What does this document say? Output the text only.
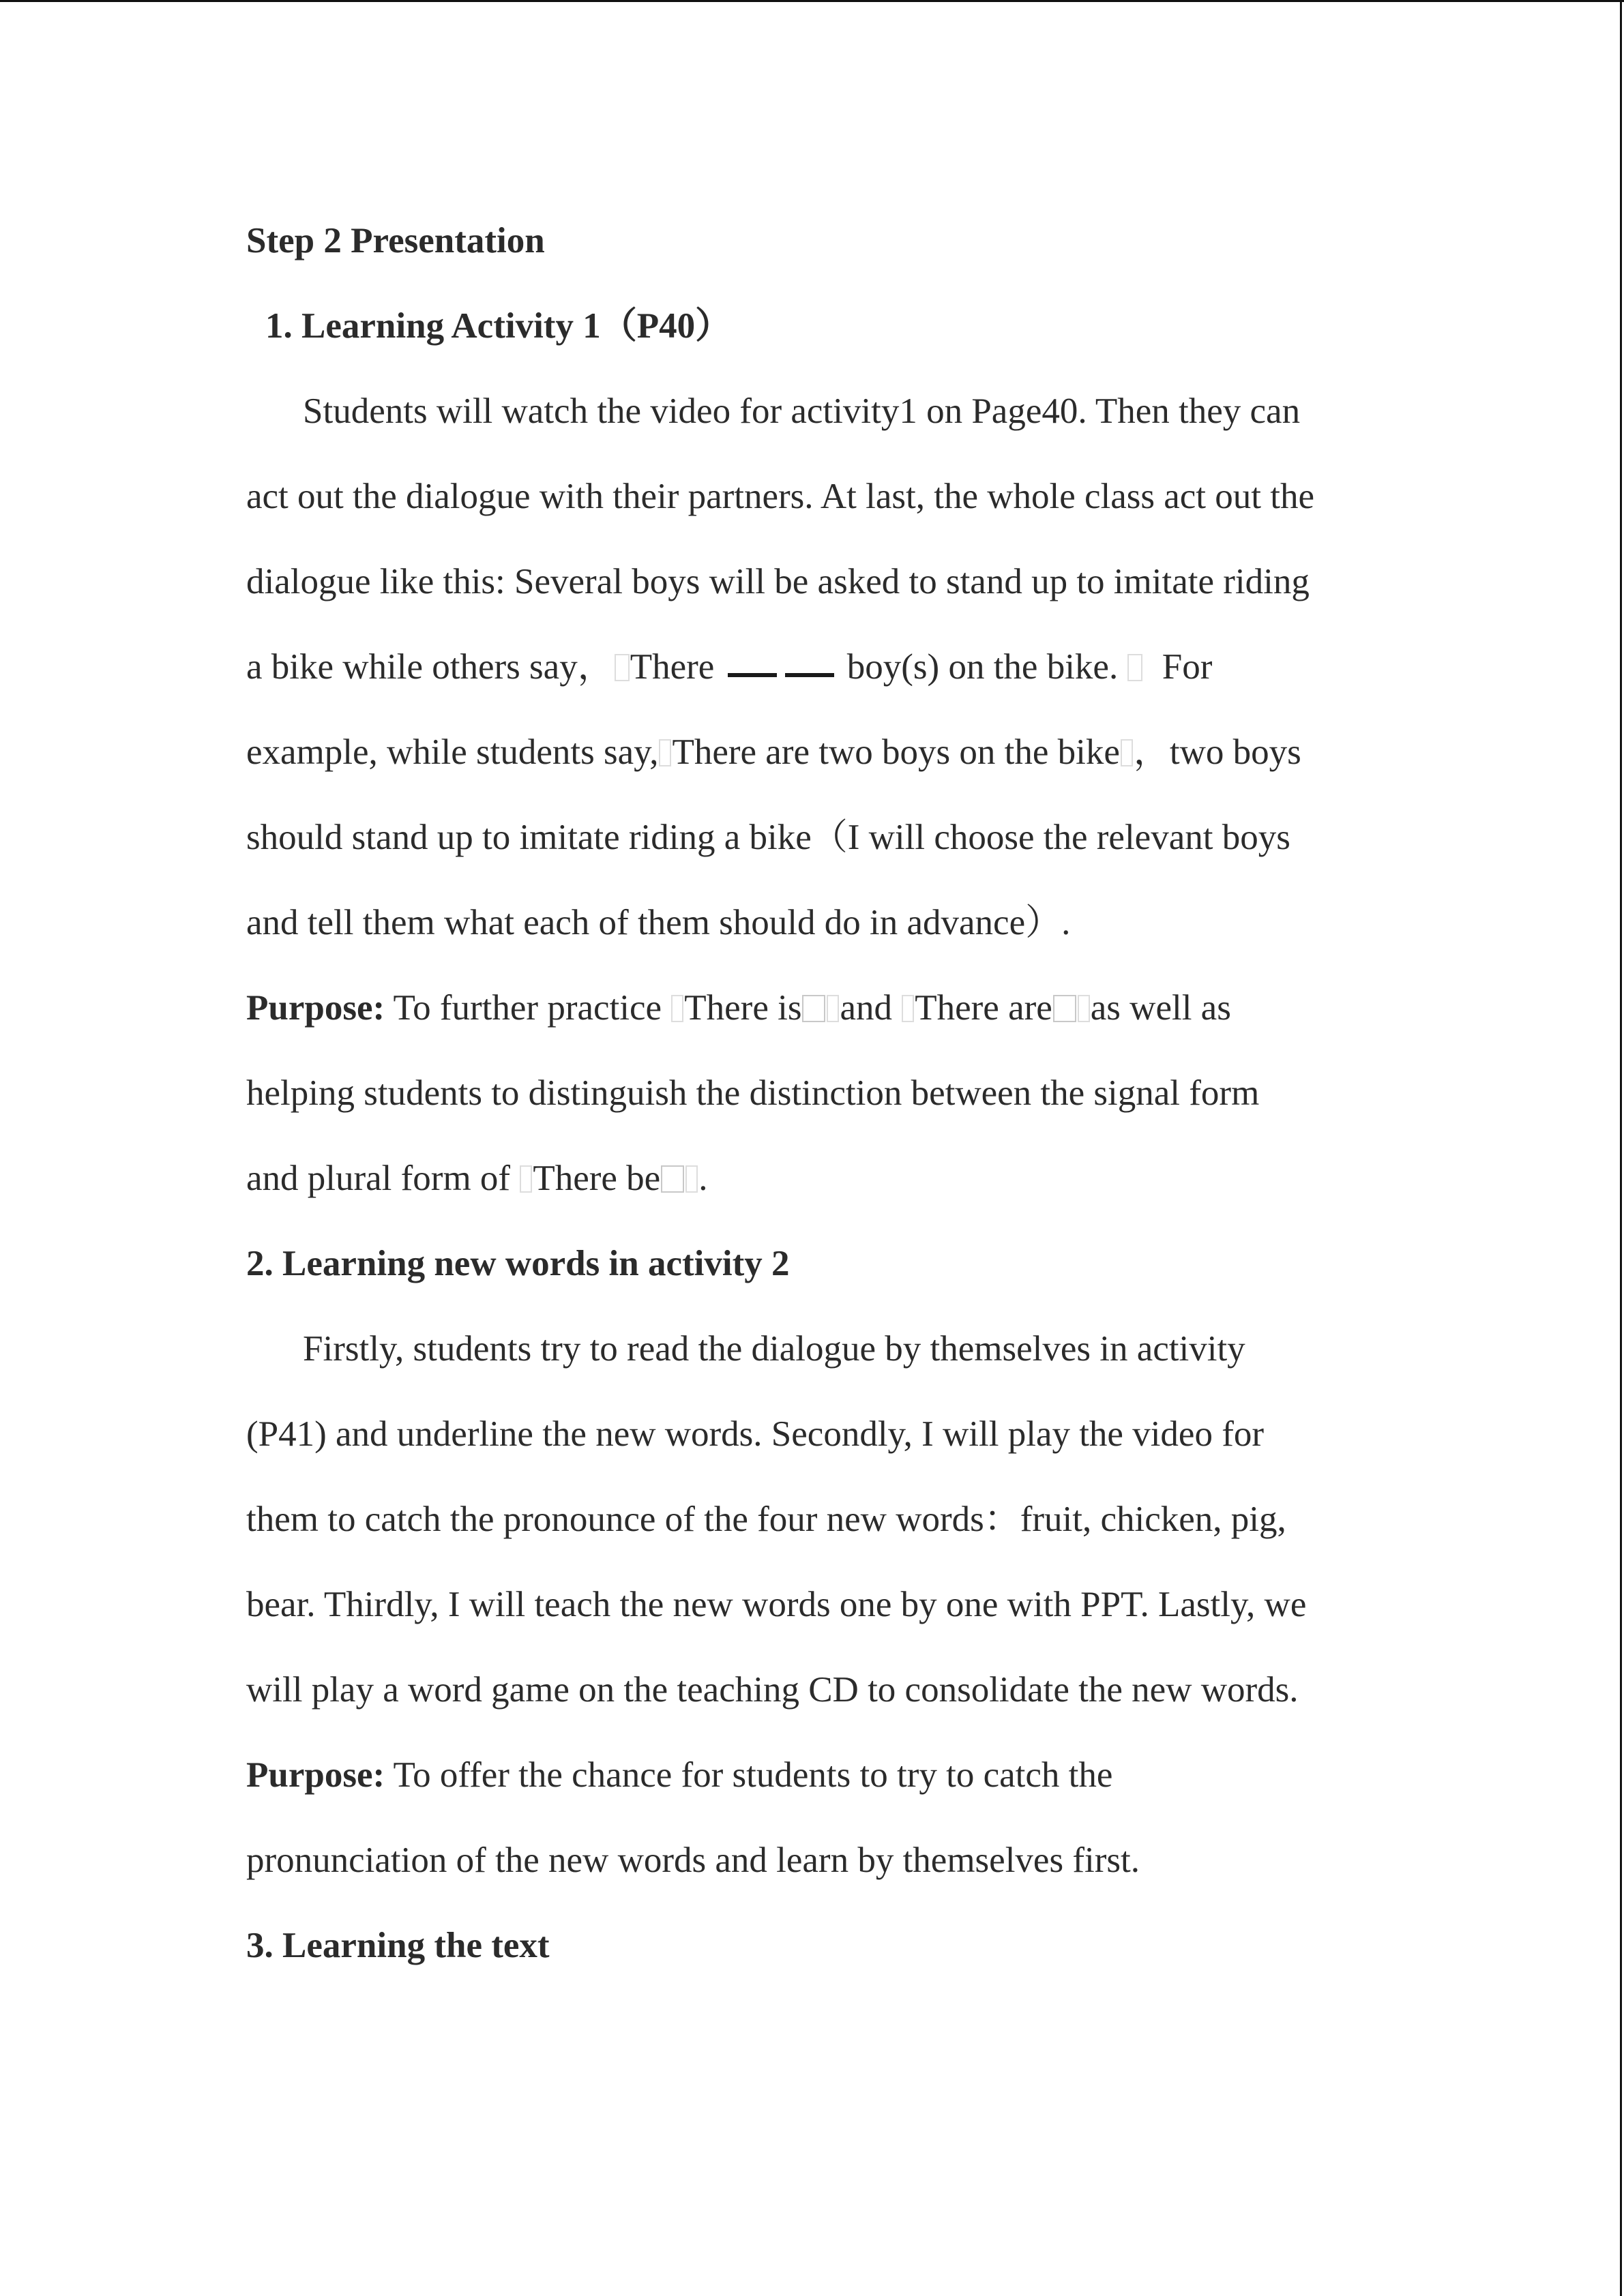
Step 2 Presentation
1. Learning Activity 1（P40）
Students will watch the video for activity1 on Page40. Then they can
act out the dialogue with their partners. At last, the whole class act out the
dialogue like this: Several boys will be asked to stand up to imitate riding
a bike while others say， There	boy(s) on the bike. For
example, while students say, There are two boys on the bike ，two boys
should stand up to imitate riding a bike（I will choose the relevant boys
and tell them what each of them should do in advance）.
Purpose: To further practice There is and There are as well as
helping students to distinguish the distinction between the signal form
and plural form of There be .
2. Learning new words in activity 2
Firstly, students try to read the dialogue by themselves in activity
(P41) and underline the new words. Secondly, I will play the video for
them to catch the pronounce of the four new words：fruit, chicken, pig,
bear. Thirdly, I will teach the new words one by one with PPT. Lastly, we
will play a word game on the teaching CD to consolidate the new words.
Purpose: To offer the chance for students to try to catch the
pronunciation of the new words and learn by themselves first.
3. Learning the text
